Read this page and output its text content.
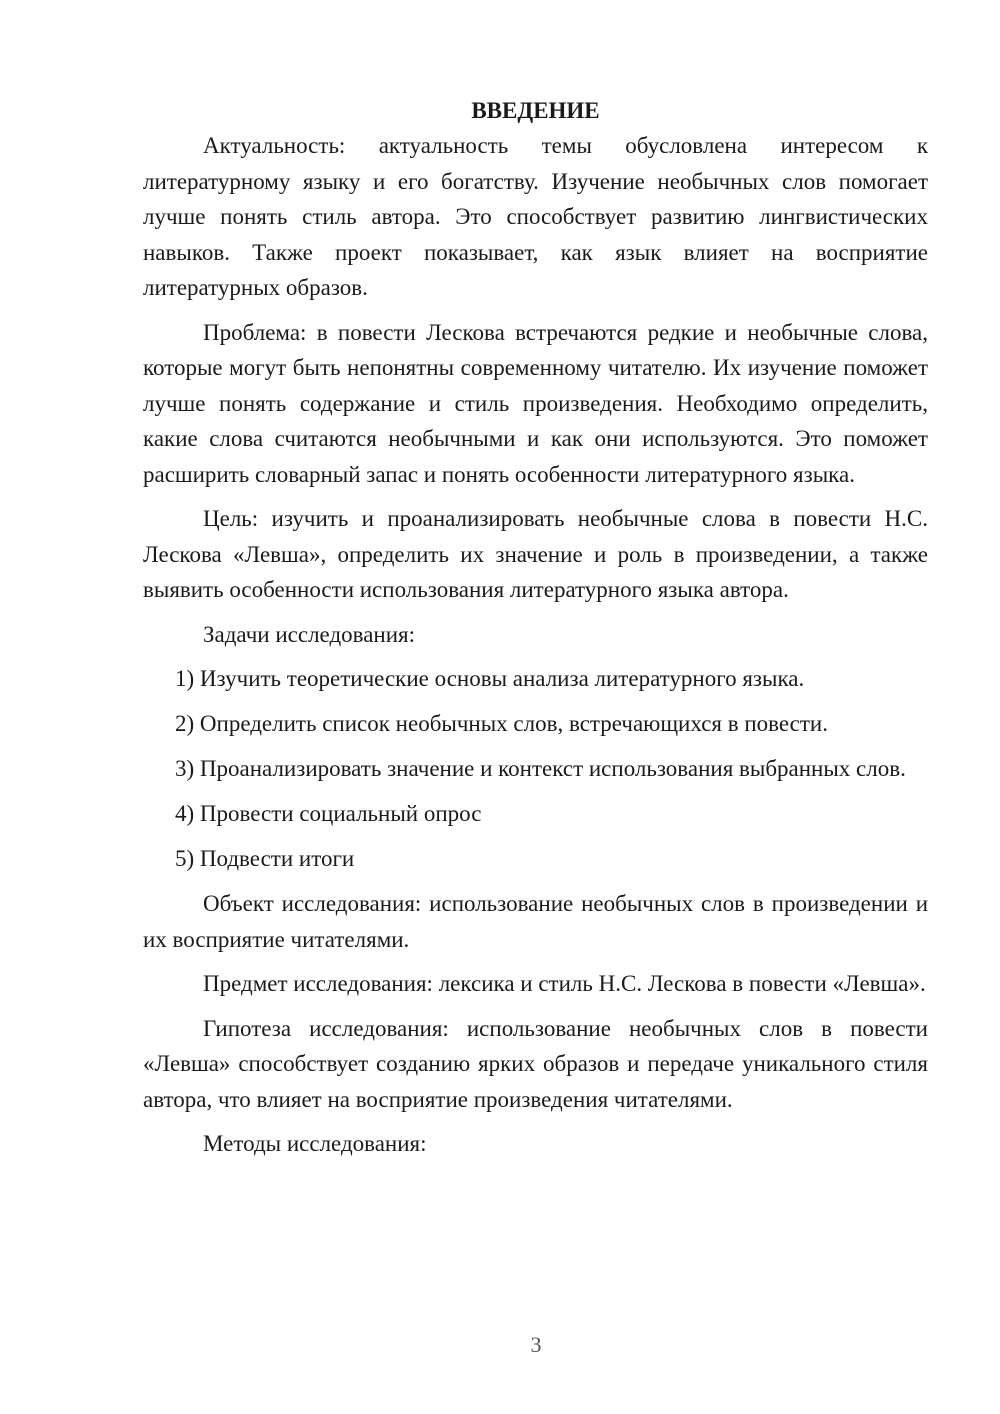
ВВЕДЕНИЕ

Актуальность: актуальность темы обусловлена интересом к литературному языку и его богатству. Изучение необычных слов помогает лучше понять стиль автора. Это способствует развитию лингвистических навыков. Также проект показывает, как язык влияет на восприятие литературных образов.

Проблема: в повести Лескова встречаются редкие и необычные слова, которые могут быть непонятны современному читателю. Их изучение поможет лучше понять содержание и стиль произведения. Необходимо определить, какие слова считаются необычными и как они используются. Это поможет расширить словарный запас и понять особенности литературного языка.

Цель: изучить и проанализировать необычные слова в повести Н.С. Лескова «Левша», определить их значение и роль в произведении, а также выявить особенности использования литературного языка автора.

Задачи исследования:

1) Изучить теоретические основы анализа литературного языка.

2) Определить список необычных слов, встречающихся в повести.

3) Проанализировать значение и контекст использования выбранных слов.

4) Провести социальный опрос

5) Подвести итоги

Объект исследования: использование необычных слов в произведении и их восприятие читателями.

Предмет исследования: лексика и стиль Н.С. Лескова в повести «Левша».

Гипотеза исследования: использование необычных слов в повести «Левша» способствует созданию ярких образов и передаче уникального стиля автора, что влияет на восприятие произведения читателями.

Методы исследования:

3
